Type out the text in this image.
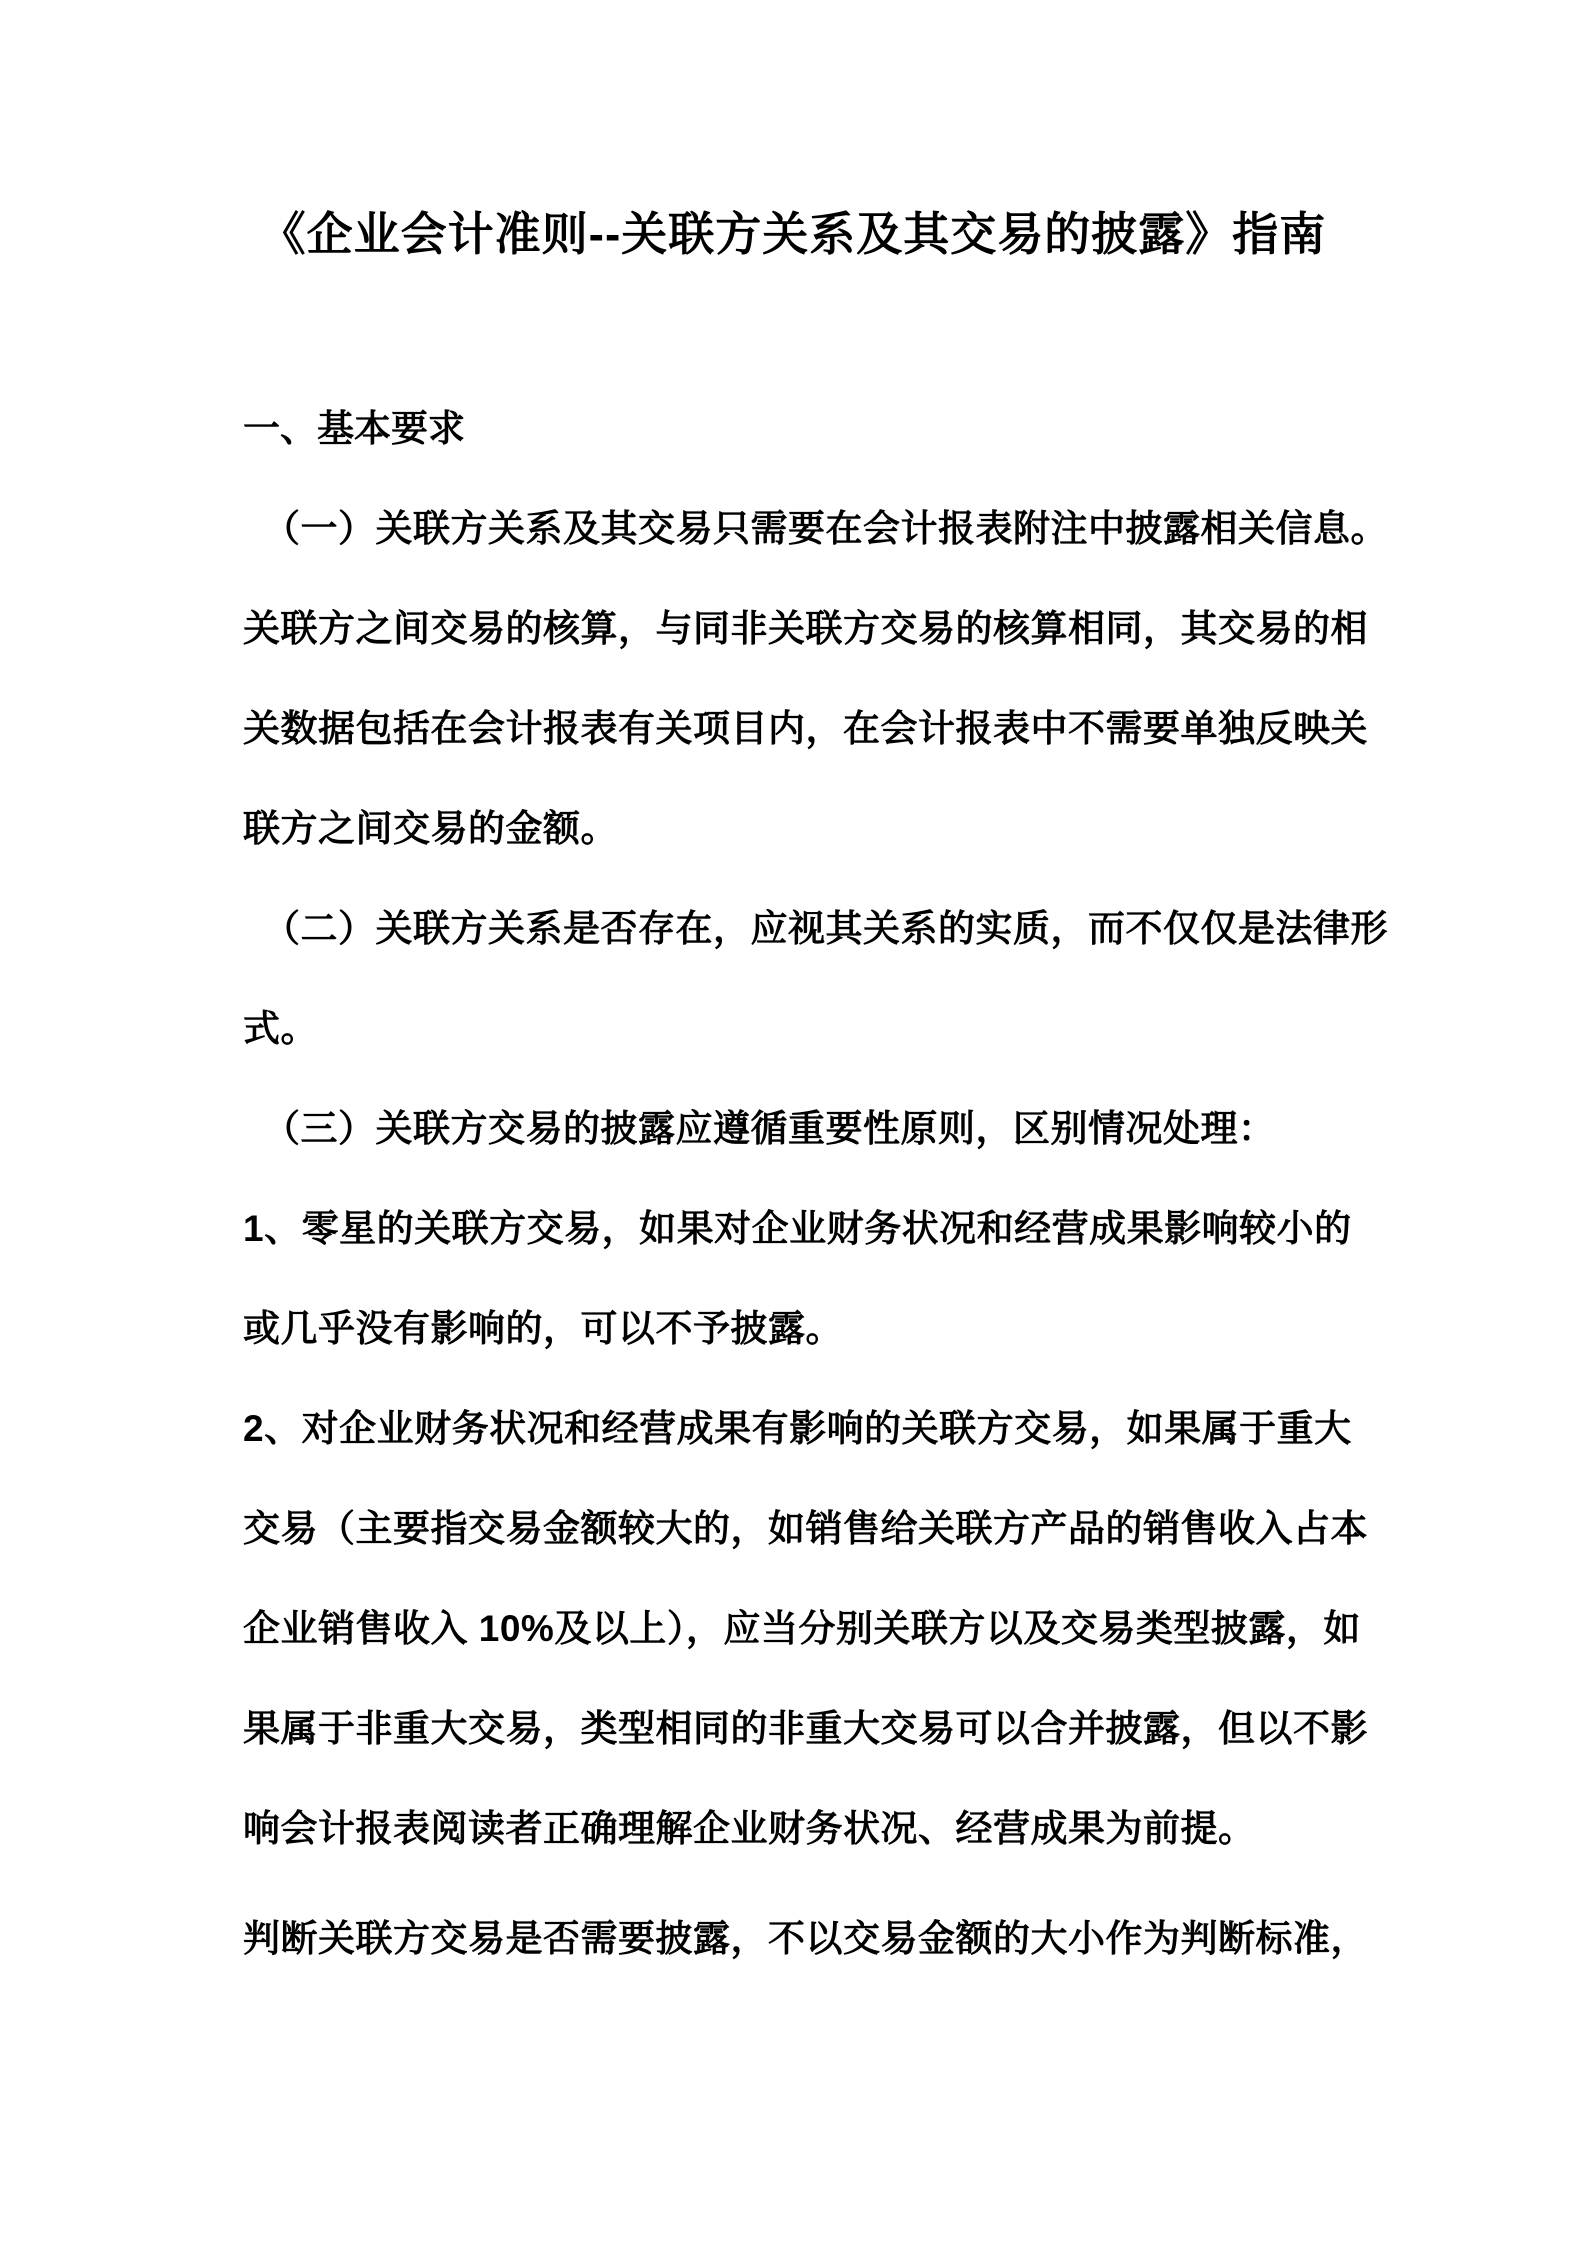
《企业会计准则--关联方关系及其交易的披露》指南
一、基本要求
（一）关联方关系及其交易只需要在会计报表附注中披露相关信息。
关联方之间交易的核算，与同非关联方交易的核算相同，其交易的相
关数据包括在会计报表有关项目内，在会计报表中不需要单独反映关
联方之间交易的金额。
（二）关联方关系是否存在，应视其关系的实质，而不仅仅是法律形
式。
（三）关联方交易的披露应遵循重要性原则，区别情况处理：
1、零星的关联方交易，如果对企业财务状况和经营成果影响较小的
或几乎没有影响的，可以不予披露。
2、对企业财务状况和经营成果有影响的关联方交易，如果属于重大
交易（主要指交易金额较大的，如销售给关联方产品的销售收入占本
企业销售收入 10%及以上），应当分别关联方以及交易类型披露，如
果属于非重大交易，类型相同的非重大交易可以合并披露，但以不影
响会计报表阅读者正确理解企业财务状况、经营成果为前提。
判断关联方交易是否需要披露，不以交易金额的大小作为判断标准，
